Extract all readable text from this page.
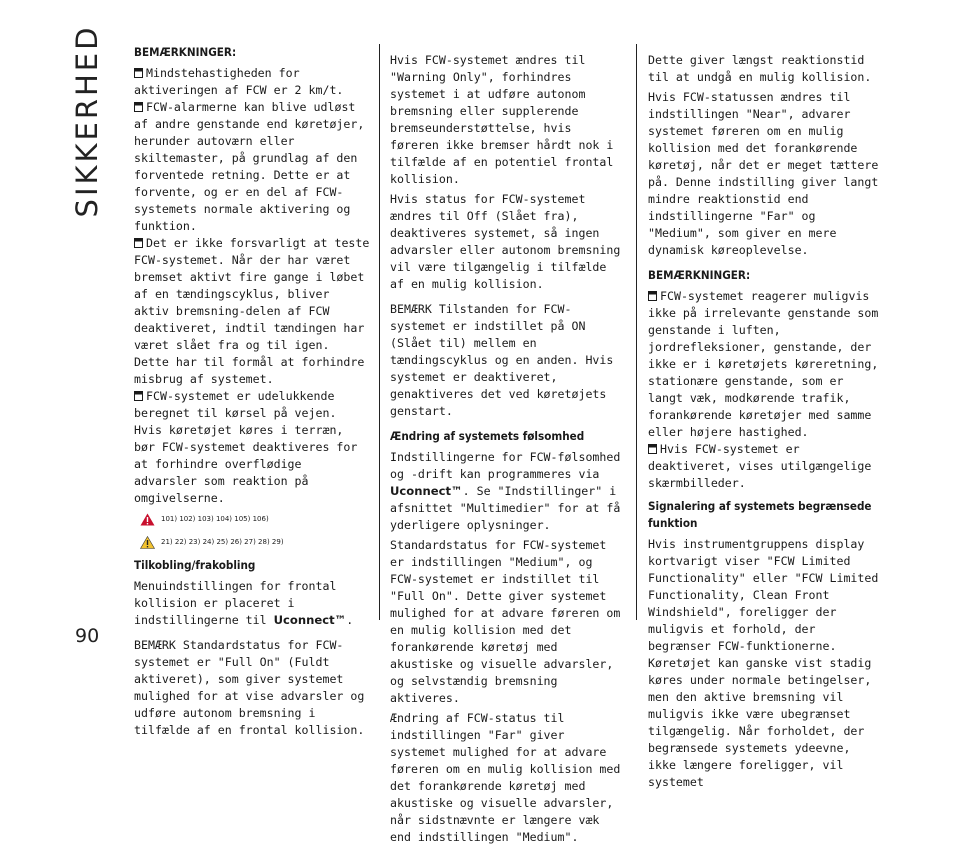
SIKKERHED	BEMÆRKNINGER:
Mindstehastigheden for aktiveringen af FCW er 2 km/t.
FCW-alarmerne kan blive udløst af andre genstande end køretøjer, herunder autoværn eller skiltemaster, på grundlag af den forventede retning. Dette er at forvente, og er en del af FCW-systemets normale aktivering og funktion.
Det er ikke forsvarligt at teste FCW-systemet. Når der har været bremset aktivt fire gange i løbet af en tændingscyklus, bliver aktiv bremsning-delen af FCW deaktiveret, indtil tændingen har været slået fra og til igen. Dette har til formål at forhindre misbrug af systemet.
FCW-systemet er udelukkende beregnet til kørsel på vejen. Hvis køretøjet køres i terræn, bør FCW-systemet deaktiveres for at forhindre overflødige advarsler som reaktion på omgivelserne.
101) 102) 103) 104) 105) 106)
21) 22) 23) 24) 25) 26) 27) 28) 29)
Tilkobling/frakobling

Menuindstillingen for frontal kollision er placeret i indstillingerne til Uconnect™.

BEMÆRK Standardstatus for FCW-systemet er "Full On" (Fuldt aktiveret), som giver systemet mulighed for at vise advarsler og udføre autonom bremsning i tilfælde af en frontal kollision.

Hvis FCW-systemet ændres til "Warning Only", forhindres systemet i at udføre autonom bremsning eller supplerende bremseunderstøttelse, hvis føreren ikke bremser hårdt nok i tilfælde af en potentiel frontal kollision.

Hvis status for FCW-systemet ændres til Off (Slået fra), deaktiveres systemet, så ingen advarsler eller autonom bremsning vil være tilgængelig i tilfælde af en mulig kollision.

BEMÆRK Tilstanden for FCW-systemet er indstillet på ON (Slået til) mellem en tændingscyklus og en anden. Hvis systemet er deaktiveret, genaktiveres det ved køretøjets genstart.

Ændring af systemets følsomhed

Indstillingerne for FCW-følsomhed og -drift kan programmeres via Uconnect™. Se "Indstillinger" i afsnittet "Multimedier" for at få yderligere oplysninger.

Standardstatus for FCW-systemet er indstillingen "Medium", og FCW-systemet er indstillet til "Full On". Dette giver systemet mulighed for at advare føreren om en mulig kollision med det forankørende køretøj med akustiske og visuelle advarsler, og selvstændig bremsning aktiveres.

Ændring af FCW-status til indstillingen "Far" giver systemet mulighed for at advare føreren om en mulig kollision med det forankørende køretøj med akustiske og visuelle advarsler, når sidstnævnte er længere væk end indstillingen "Medium".

Dette giver længst reaktionstid til at undgå en mulig kollision.

Hvis FCW-statussen ændres til indstillingen "Near", advarer systemet føreren om en mulig kollision med det forankørende køretøj, når det er meget tættere på. Denne indstilling giver langt mindre reaktionstid end indstillingerne "Far" og "Medium", som giver en mere dynamisk køreoplevelse.

BEMÆRKNINGER:
FCW-systemet reagerer muligvis ikke på irrelevante genstande som genstande i luften, jordrefleksioner, genstande, der ikke er i køretøjets køreretning, stationære genstande, som er langt væk, modkørende trafik, forankørende køretøjer med samme eller højere hastighed.
Hvis FCW-systemet er deaktiveret, vises utilgængelige skærmbilleder.
Signalering af systemets begrænsede funktion

Hvis instrumentgruppens display kortvarigt viser "FCW Limited Functionality" eller "FCW Limited Functionality, Clean Front Windshield", foreligger der muligvis et forhold, der begrænser FCW-funktionerne. Køretøjet kan ganske vist stadig køres under normale betingelser, men den aktive bremsning vil muligvis ikke være ubegrænset tilgængelig. Når forholdet, der begrænsede systemets ydeevne, ikke længere foreligger, vil systemet

90
